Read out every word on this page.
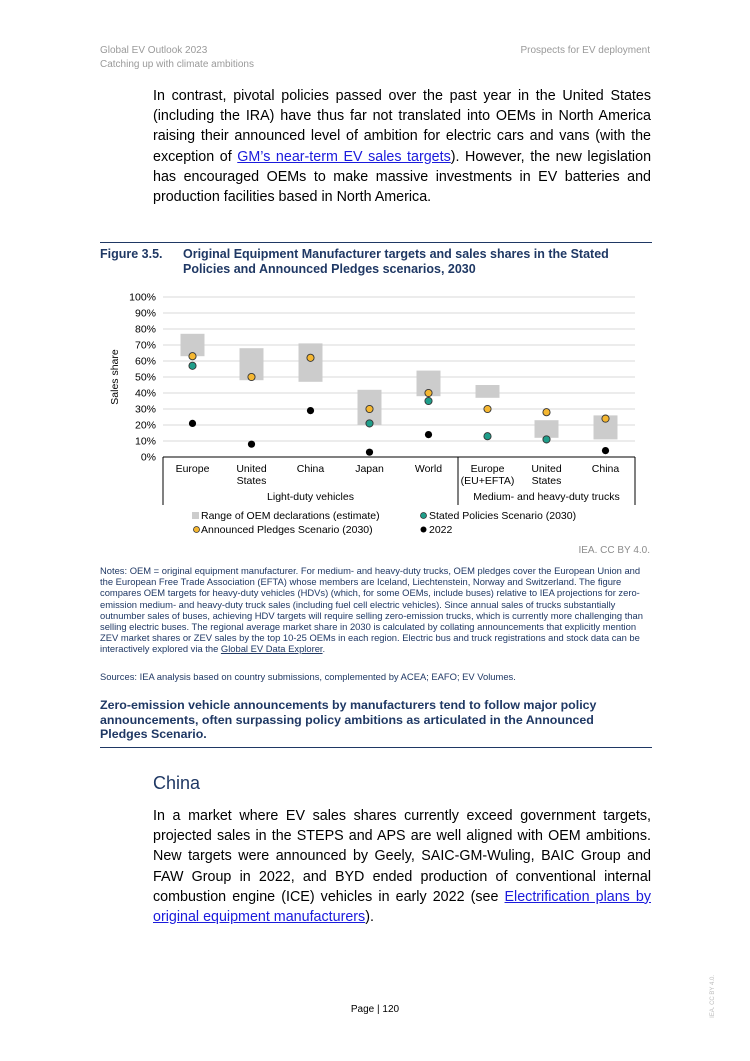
Global EV Outlook 2023
Catching up with climate ambitions
Prospects for EV deployment

In contrast, pivotal policies passed over the past year in the United States (including the IRA) have thus far not translated into OEMs in North America raising their announced level of ambition for electric cars and vans (with the exception of GM’s near-term EV sales targets). However, the new legislation has encouraged OEMs to make massive investments in EV batteries and production facilities based in North America.

Figure 3.5. Original Equipment Manufacturer targets and sales shares in the Stated Policies and Announced Pledges scenarios, 2030
0%
10%
20%
30%
40%
50%
60%
70%
80%
90%
100%
Sales share
Light-duty vehicles	Medium- and heavy-duty trucks
Europe	United
States
China	Japan	World	Europe
(EU+EFTA)
United
States
China
Range of OEM declarations (estimate)
Announced Pledges Scenario (2030)
Stated Policies Scenario (2030)
2022
IEA. CC BY 4.0.
Notes: OEM = original equipment manufacturer. For medium- and heavy-duty trucks, OEM pledges cover the European Union and the European Free Trade Association (EFTA) whose members are Iceland, Liechtenstein, Norway and Switzerland. The figure compares OEM targets for heavy-duty vehicles (HDVs) (which, for some OEMs, include buses) relative to IEA projections for zero-emission medium- and heavy-duty truck sales (including fuel cell electric vehicles). Since annual sales of trucks substantially outnumber sales of buses, achieving HDV targets will require selling zero-emission trucks, which is currently more challenging than selling electric buses. The regional average market share in 2030 is calculated by collating announcements that explicitly mention ZEV market shares or ZEV sales by the top 10-25 OEMs in each region. Electric bus and truck registrations and stock data can be interactively explored via the Global EV Data Explorer.
Sources: IEA analysis based on country submissions, complemented by ACEA; EAFO; EV Volumes.
Zero-emission vehicle announcements by manufacturers tend to follow major policy announcements, often surpassing policy ambitions as articulated in the Announced Pledges Scenario.
China

In a market where EV sales shares currently exceed government targets, projected sales in the STEPS and APS are well aligned with OEM ambitions. New targets were announced by Geely, SAIC-GM-Wuling, BAIC Group and FAW Group in 2022, and BYD ended production of conventional internal combustion engine (ICE) vehicles in early 2022 (see Electrification plans by original equipment manufacturers).

Page | 120	IEA. CC BY 4.0.
